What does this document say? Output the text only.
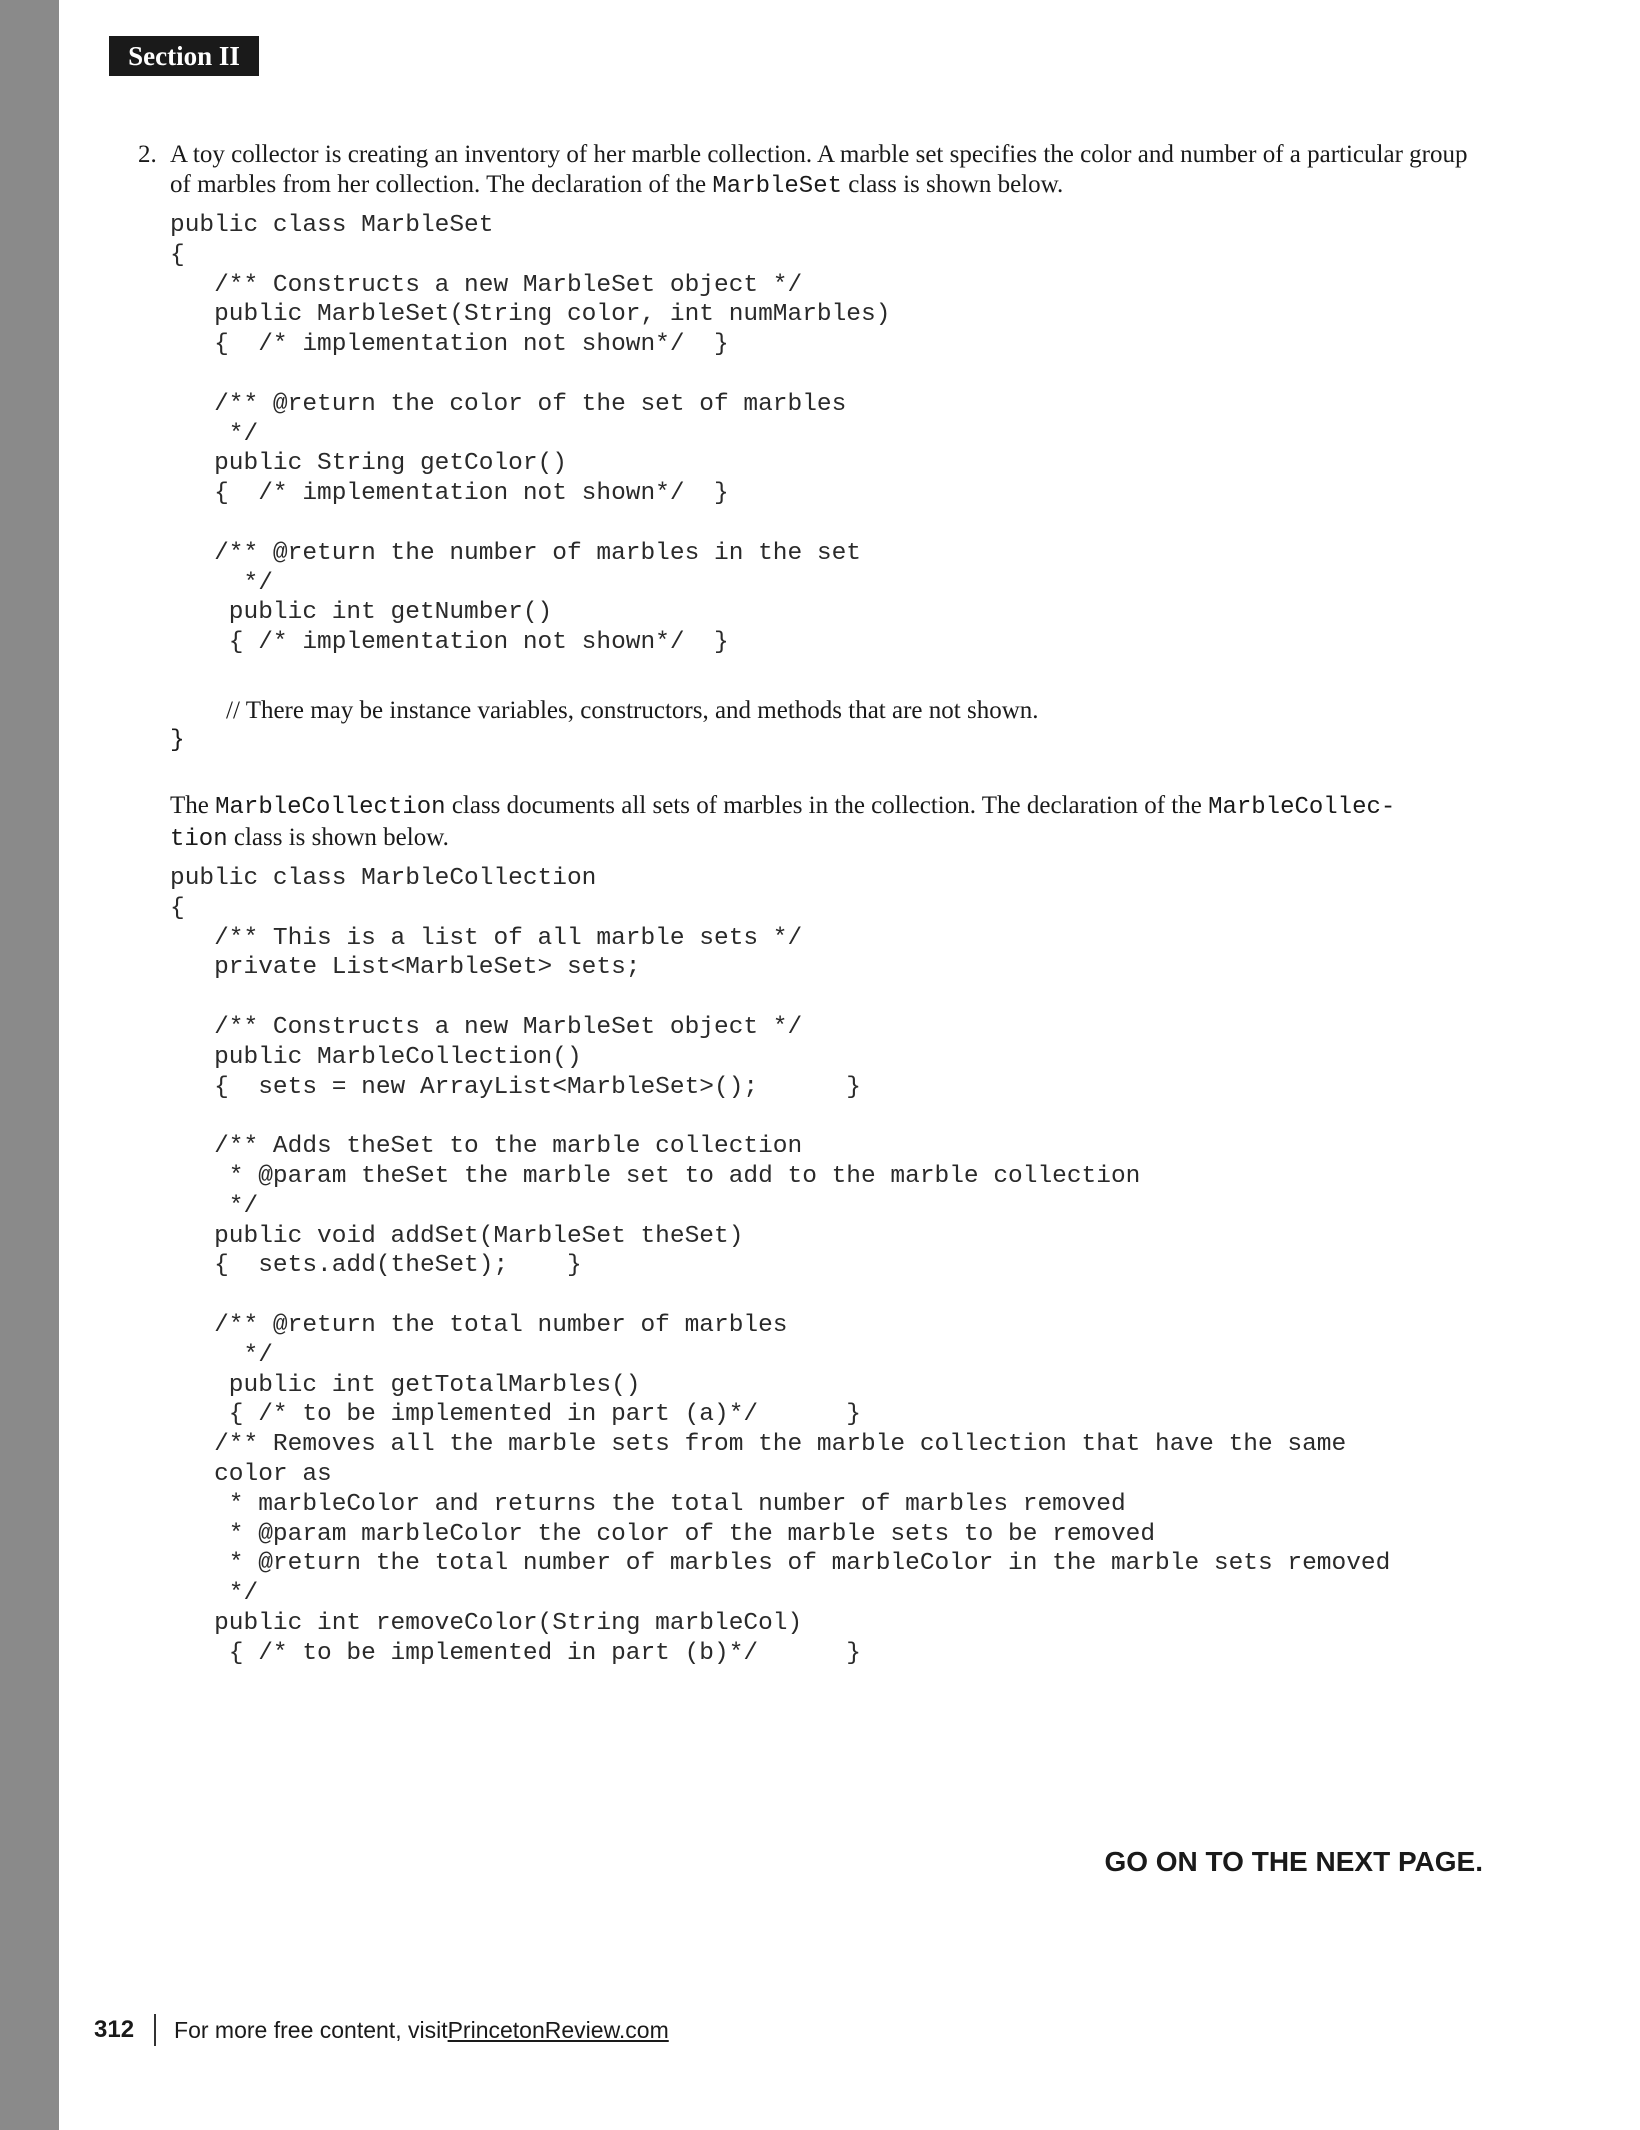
Section II
2. A toy collector is creating an inventory of her marble collection. A marble set specifies the color and number of a particular group of marbles from her collection. The declaration of the MarbleSet class is shown below.

public class MarbleSet
{
/** Constructs a new MarbleSet object */
public MarbleSet(String color, int numMarbles)
{  /* implementation not shown*/  }

/** @return the color of the set of marbles
*/
public String getColor()
{  /* implementation not shown*/  }

/** @return the number of marbles in the set
*/
public int getNumber()
{ /* implementation not shown*/  }
// There may be instance variables, constructors, and methods that are not shown.
}

The MarbleCollection class documents all sets of marbles in the collection. The declaration of the MarbleCollec-
tion class is shown below.

public class MarbleCollection
{
/** This is a list of all marble sets */
private List<MarbleSet> sets;

/** Constructs a new MarbleSet object */
public MarbleCollection()
{  sets = new ArrayList<MarbleSet>();      }

/** Adds theSet to the marble collection
* @param theSet the marble set to add to the marble collection
*/
public void addSet(MarbleSet theSet)
{  sets.add(theSet);    }

/** @return the total number of marbles
*/
public int getTotalMarbles()
{ /* to be implemented in part (a)*/      }
/** Removes all the marble sets from the marble collection that have the same
color as
* marbleColor and returns the total number of marbles removed
* @param marbleColor the color of the marble sets to be removed
* @return the total number of marbles of marbleColor in the marble sets removed
*/
public int removeColor(String marbleCol)
{ /* to be implemented in part (b)*/      }
GO ON TO THE NEXT PAGE.
312 For more free content, visit PrincetonReview.com
